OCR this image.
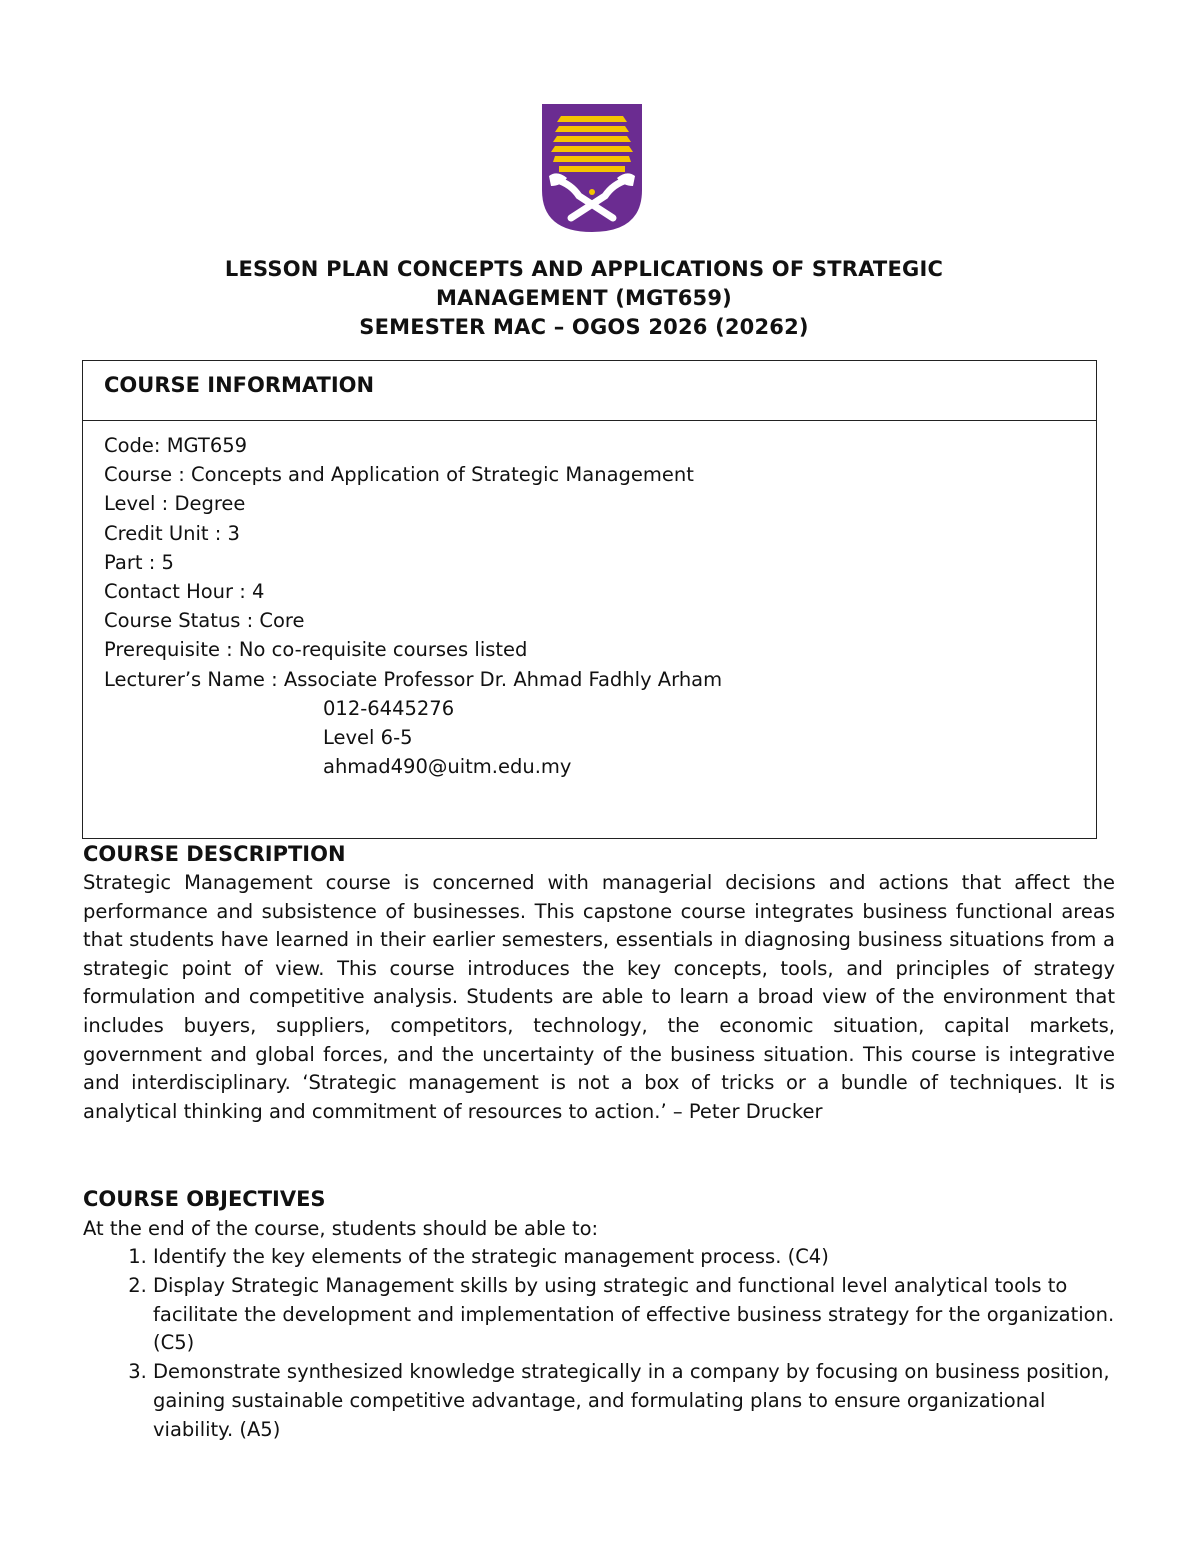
LESSON PLAN CONCEPTS AND APPLICATIONS OF STRATEGIC
MANAGEMENT (MGT659)
SEMESTER MAC – OGOS 2026 (20262)
COURSE INFORMATION
Code: MGT659
Course : Concepts and Application of Strategic Management
Level : Degree
Credit Unit : 3
Part : 5
Contact Hour : 4
Course Status : Core
Prerequisite : No co-requisite courses listed
Lecturer’s Name : Associate Professor Dr. Ahmad Fadhly Arham
012-6445276
Level 6-5
ahmad490@uitm.edu.my
COURSE DESCRIPTION

Strategic Management course is concerned with managerial decisions and actions that affect the performance and subsistence of businesses. This capstone course integrates business functional areas that students have learned in their earlier semesters, essentials in diagnosing business situations from a strategic point of view. This course introduces the key concepts, tools, and principles of strategy formulation and competitive analysis. Students are able to learn a broad view of the environment that includes buyers, suppliers, competitors, technology, the economic situation, capital markets, government and global forces, and the uncertainty of the business situation. This course is integrative and interdisciplinary. ‘Strategic management is not a box of tricks or a bundle of techniques. It is analytical thinking and commitment of resources to action.’ – Peter Drucker

COURSE OBJECTIVES

At the end of the course, students should be able to:

1. Identify the key elements of the strategic management process. (C4)
2. Display Strategic Management skills by using strategic and functional level analytical tools to facilitate the development and implementation of effective business strategy for the organization. (C5)
3. Demonstrate synthesized knowledge strategically in a company by focusing on business position, gaining sustainable competitive advantage, and formulating plans to ensure organizational viability. (A5)
